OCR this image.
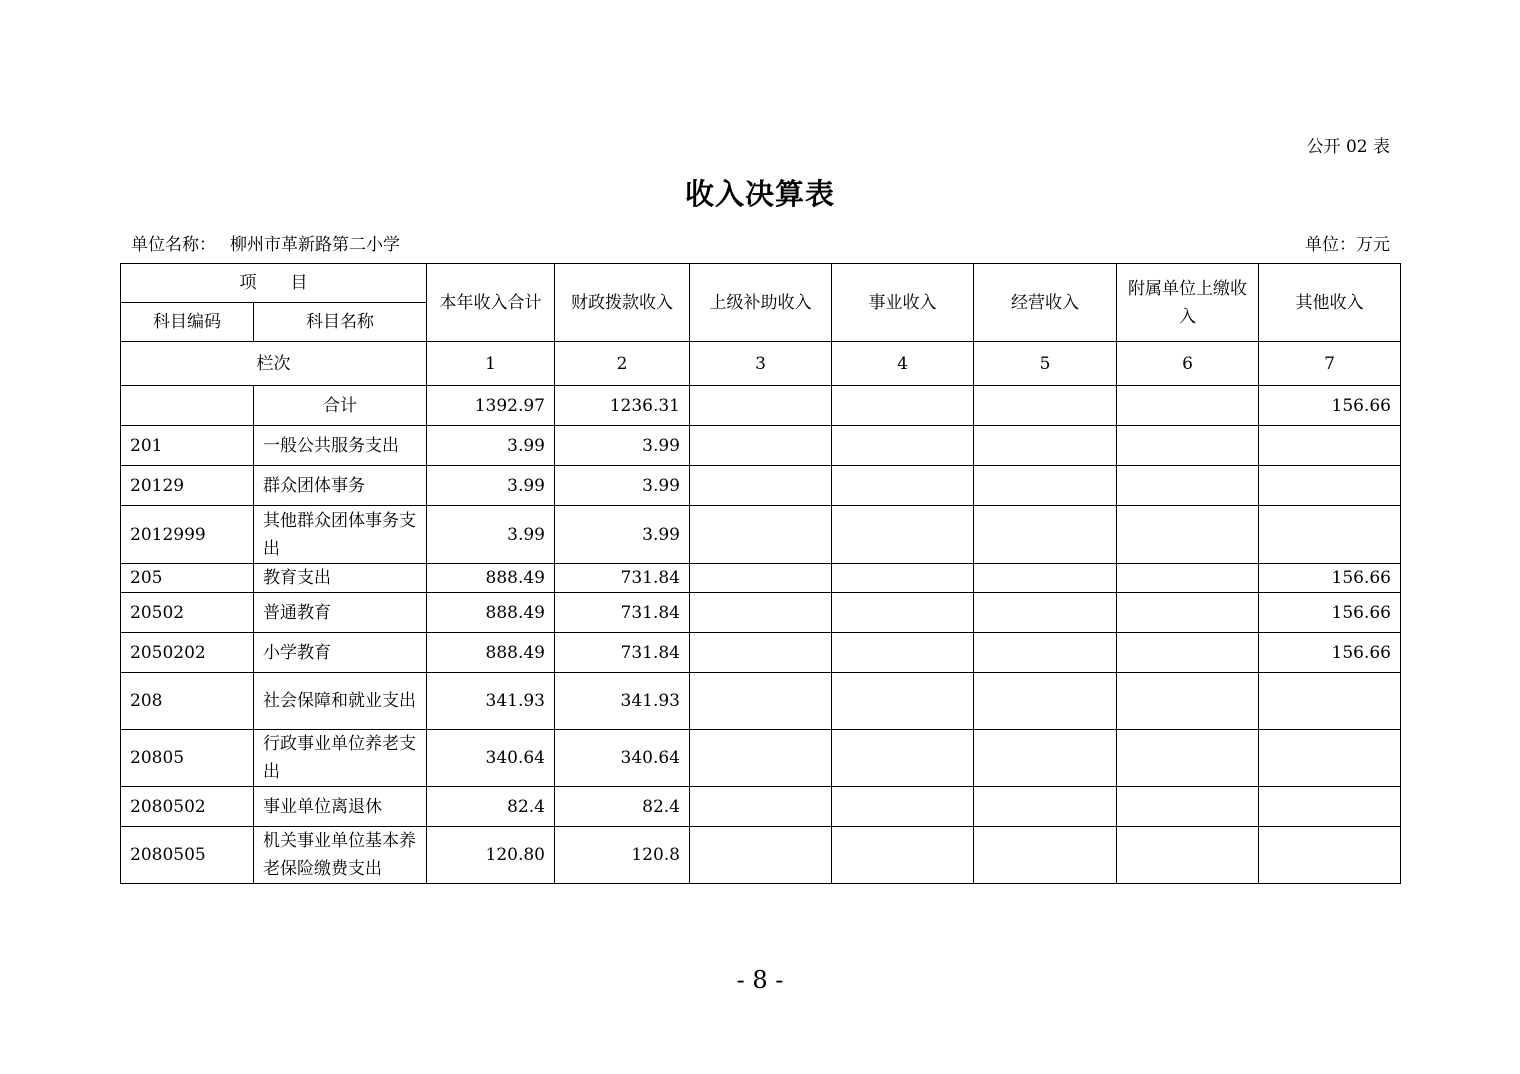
公开 02 表
收入决算表
单位名称： 柳州市革新路第二小学	单位：万元
项　　目		本年收入合计	财政拨款收入	上级补助收入	事业收入	经营收入	附属单位上缴收入	其他收入
科目编码	科目名称							
栏次		1	2	3	4	5	6	7
	合计	1392.97	1236.31					156.66
201	一般公共服务支出	3.99	3.99					
20129	群众团体事务	3.99	3.99					
2012999	其他群众团体事务支出	3.99	3.99					
205	教育支出	888.49	731.84					156.66
20502	普通教育	888.49	731.84					156.66
2050202	小学教育	888.49	731.84					156.66
208	社会保障和就业支出	341.93	341.93					
20805	行政事业单位养老支出	340.64	340.64					
2080502	事业单位离退休	82.4	82.4					
2080505	机关事业单位基本养老保险缴费支出	120.80	120.8					
- 8 -
